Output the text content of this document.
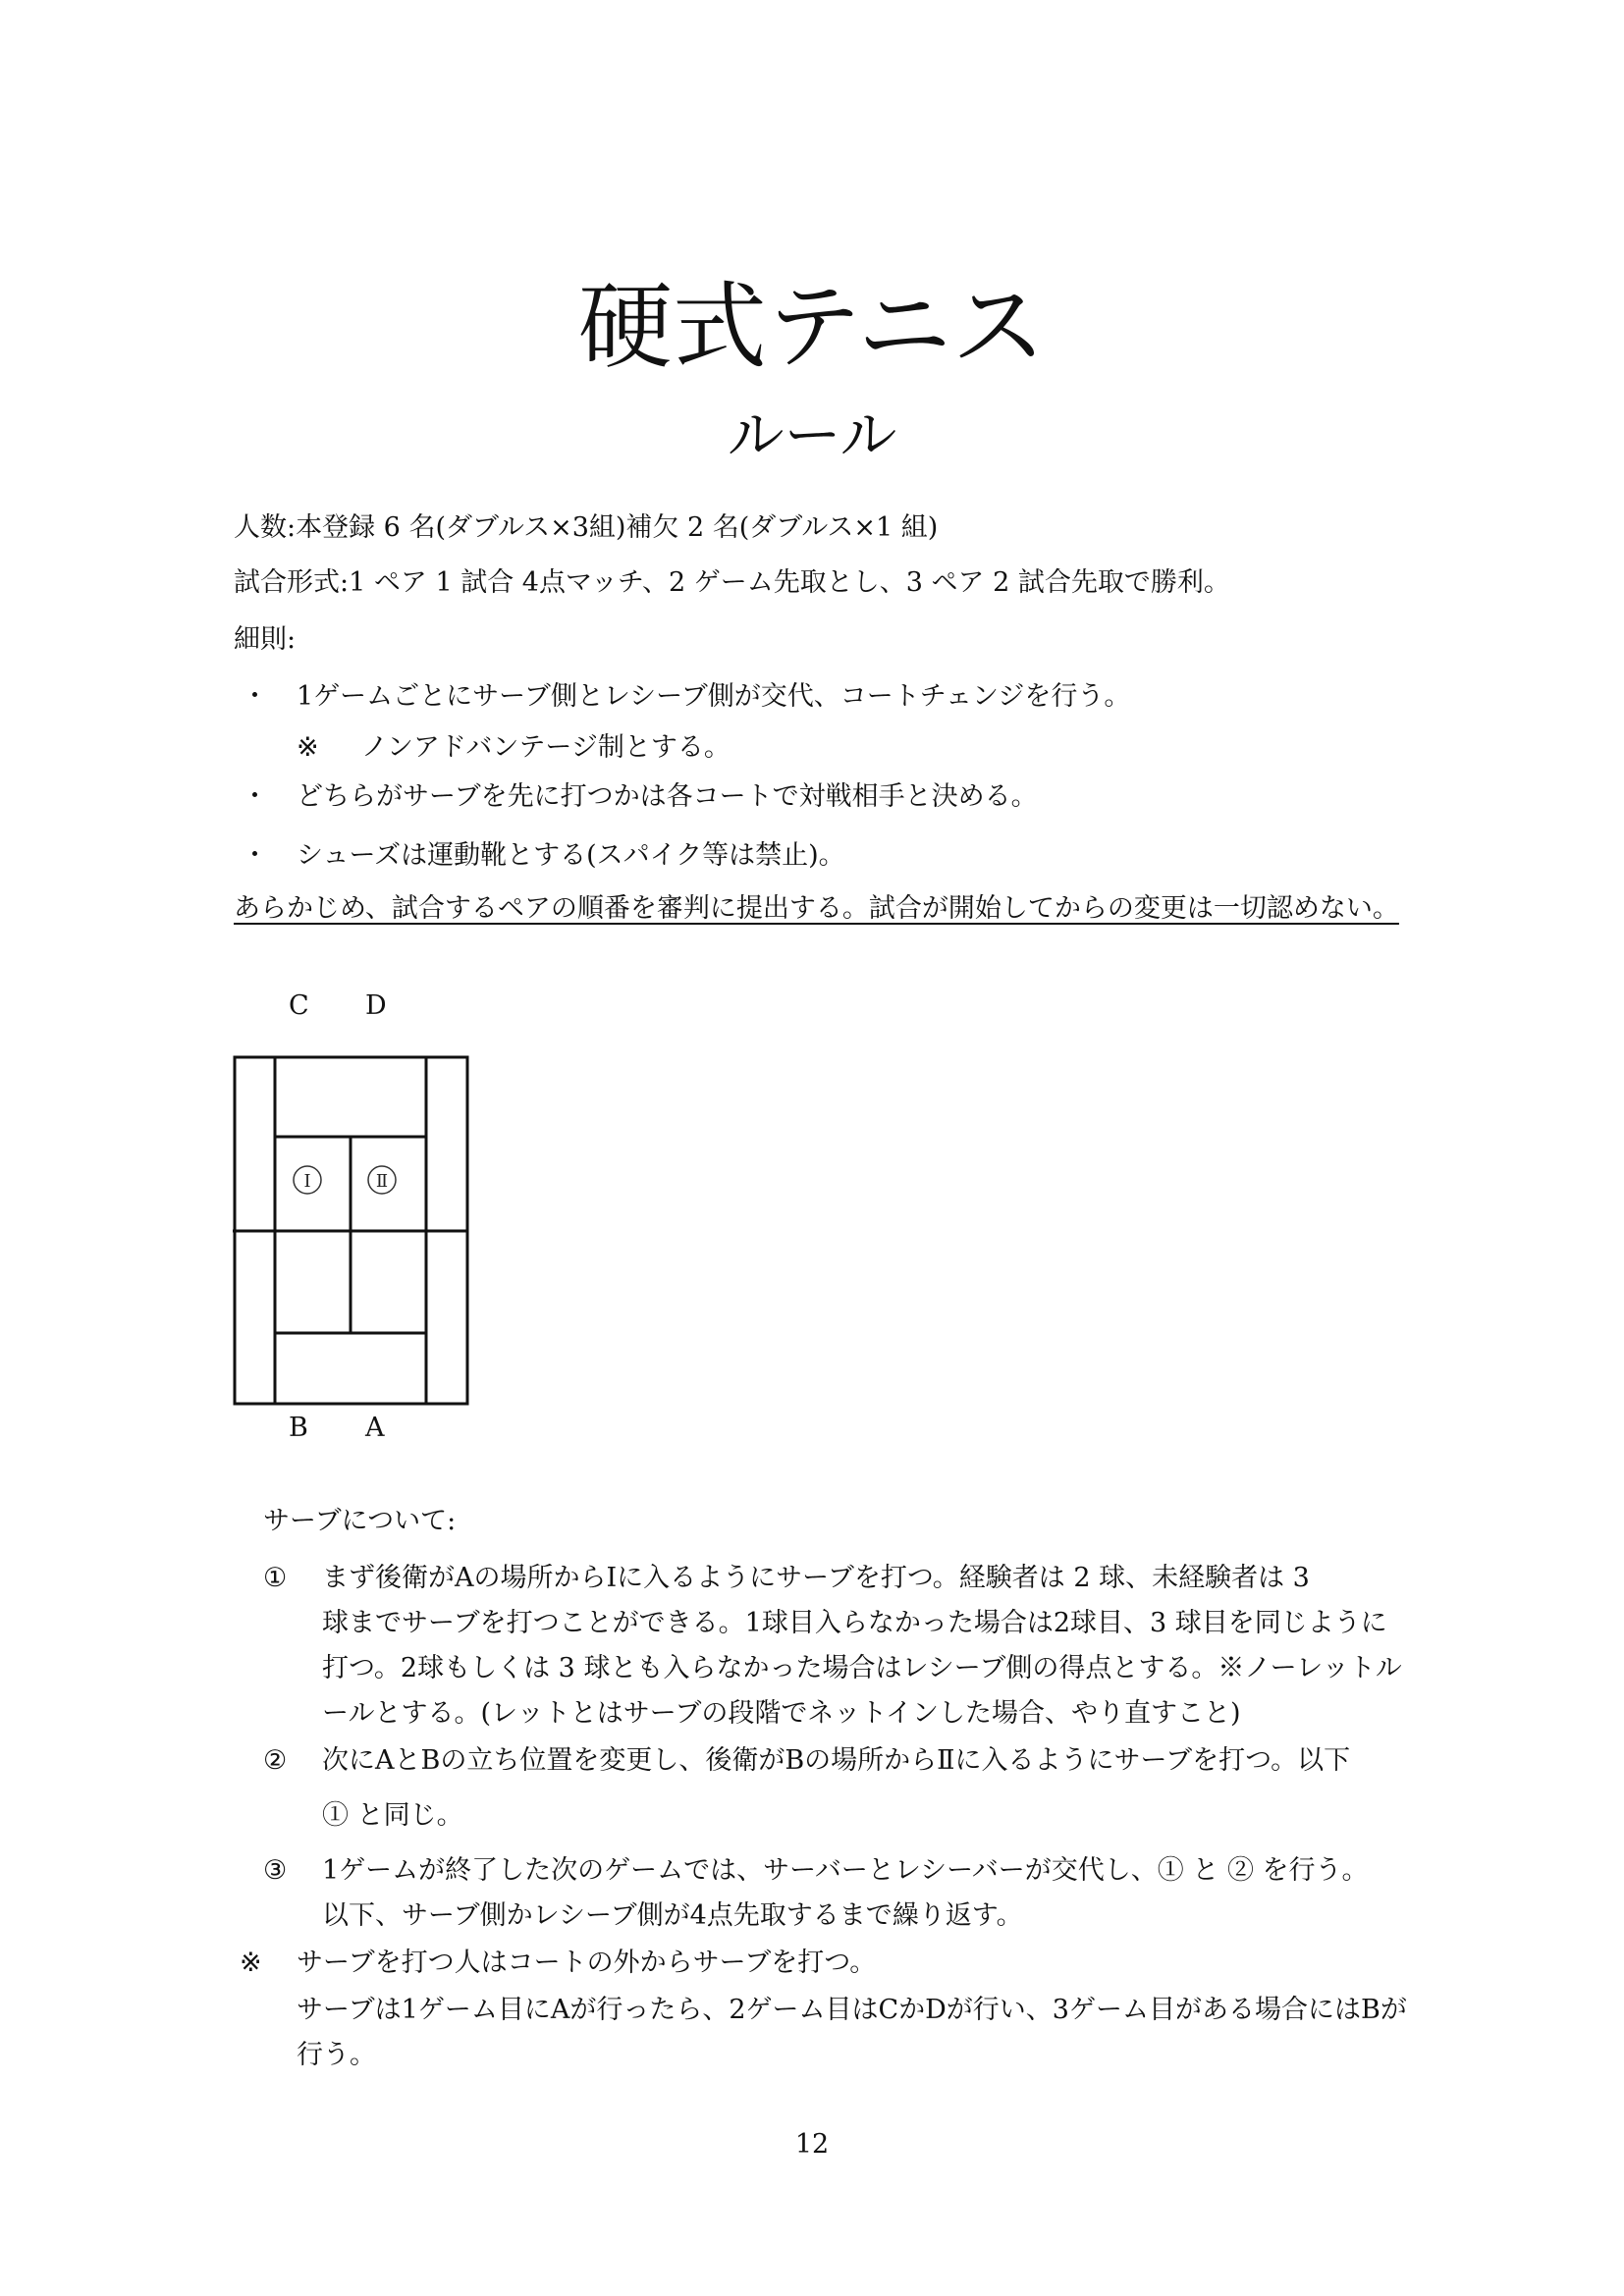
硬式テニス
ルール
人数:本登録 6 名(ダブルス×3組)補欠 2 名(ダブルス×1 組)
試合形式:1 ペア 1 試合 4点マッチ、2 ゲーム先取とし、3 ペア 2 試合先取で勝利。
細則:
・ 1ゲームごとにサーブ側とレシーブ側が交代、コートチェンジを行う。
※ ノンアドバンテージ制とする。
・ どちらがサーブを先に打つかは各コートで対戦相手と決める。
・ シューズは運動靴とする(スパイク等は禁止)。
あらかじめ、試合するペアの順番を審判に提出する。試合が開始してからの変更は一切認めない。
C D
Ⅰ	Ⅱ
B A
サーブについて:
① まず後衛がAの場所からⅠに入るようにサーブを打つ。経験者は 2 球、未経験者は 3
球までサーブを打つことができる。1球目入らなかった場合は2球目、3 球目を同じように
打つ。2球もしくは 3 球とも入らなかった場合はレシーブ側の得点とする。※ノーレットル
ールとする。(レットとはサーブの段階でネットインした場合、やり直すこと)
② 次にAとBの立ち位置を変更し、後衛がBの場所からⅡに入るようにサーブを打つ。以下
① と同じ。
③ 1ゲームが終了した次のゲームでは、サーバーとレシーバーが交代し、① と ② を行う。
以下、サーブ側かレシーブ側が4点先取するまで繰り返す。
※ サーブを打つ人はコートの外からサーブを打つ。
サーブは1ゲーム目にAが行ったら、2ゲーム目はCかDが行い、3ゲーム目がある場合にはBが
行う。
12
